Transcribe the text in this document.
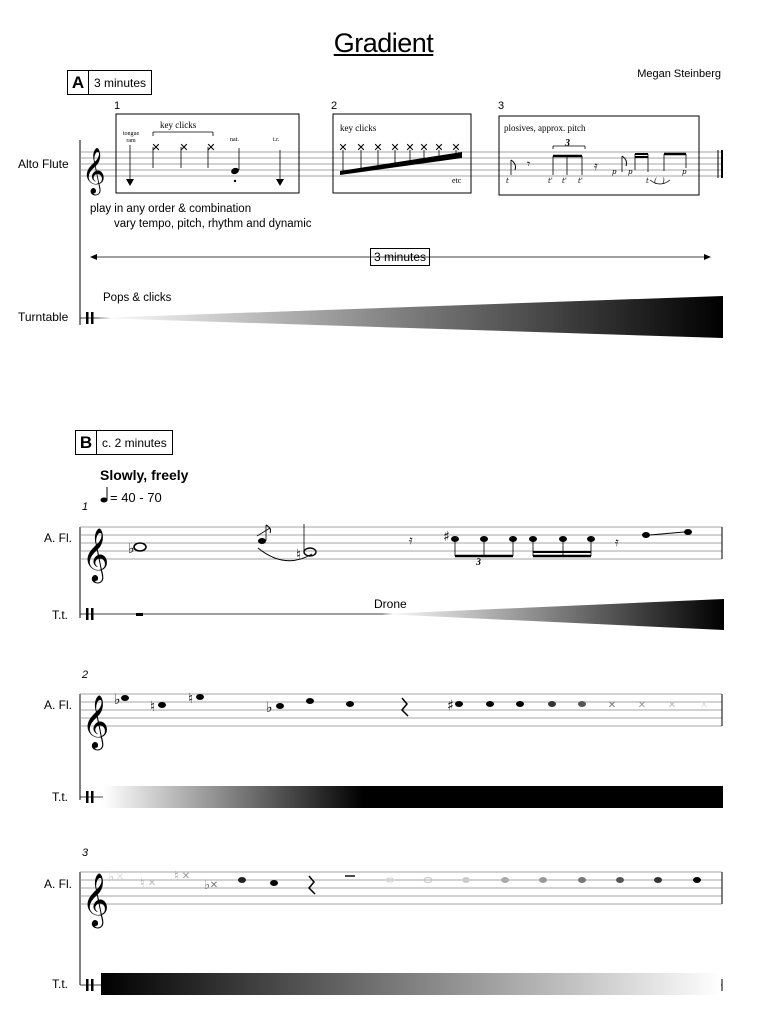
Gradient
Megan Steinberg
A 3 minutes
Alto Flute
Turntable
1	2	3
tongue ram
key clicks
nat.	t.r.
key clicks
etc
plosives, approx. pitch
3
play in any order & combination
vary tempo, pitch, rhythm and dynamic
3 minutes
Pops & clicks
B c. 2 minutes
Slowly, freely
= 40 - 70
1
2
3
A. Fl.
T.t.
A. Fl.
T.t.
A. Fl.
T.t.
Drone
3
𝄞
✕ ✕ ✕	✕ ✕ ✕ ✕ ✕ ✕ ✕ ✕
𝄾	𝄿
t	t' t' t'
p p
t ( )
p
𝄞 ♭	♮
𝄿 ♯	𝄿
𝄞 ♭ ♮ ♮
♭	♯	✕ ✕ ✕ ✕
𝄞 ✕
✕
✕
✕
♭ ♮ ♮
♭
